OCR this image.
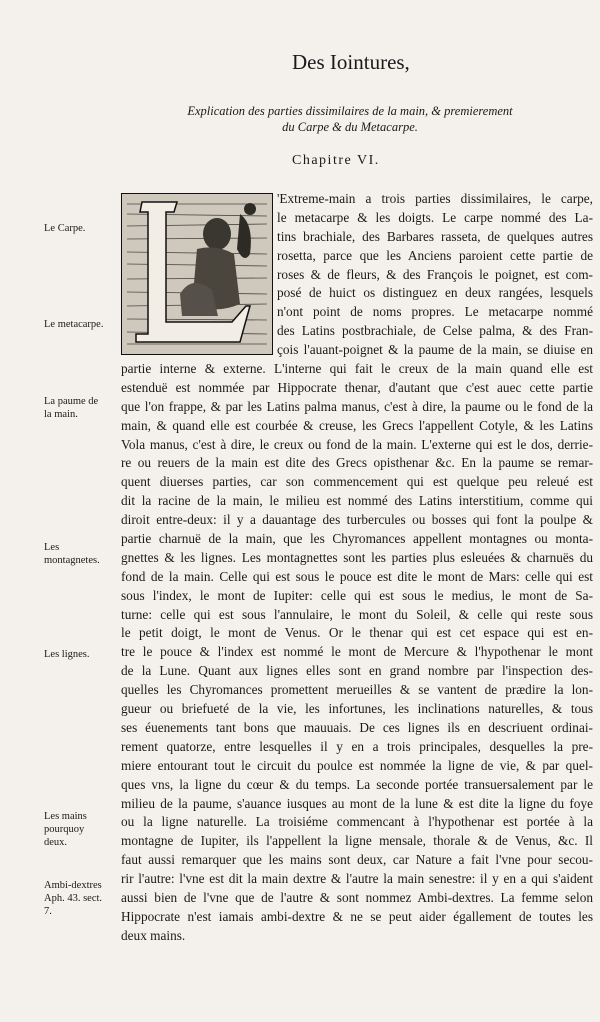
Des Iointures,
Explication des parties dissimilaires de la main, & premierement
du Carpe & du Metacarpe.
Chapitre VI.
Le Carpe.
Le metacarpe.
La paume de la main.
Les montagnetes.
Les lignes.
Les mains pourquoy deux.
Ambi-dextres Aph. 43. sect. 7.
'Extreme-main a trois parties dissimilaires, le carpe,
le metacarpe & les doigts. Le carpe nommé des La-
tins brachiale, des Barbares rasseta, de quelques autres
rosetta, parce que les Anciens paroient cette partie de
roses & de fleurs, & des François le poignet, est com-
posé de huict os distinguez en deux rangées, lesquels
n'ont point de noms propres. Le metacarpe nommé
des Latins postbrachiale, de Celse palma, & des Fran-
çois l'auant-poignet & la paume de la main, se diuise en
partie interne & externe. L'interne qui fait le creux de la main quand elle est
estenduë est nommée par Hippocrate thenar, d'autant que c'est auec cette partie
que l'on frappe, & par les Latins palma manus, c'est à dire, la paume ou le fond de la
main, & quand elle est courbée & creuse, les Grecs l'appellent Cotyle, & les Latins
Vola manus, c'est à dire, le creux ou fond de la main. L'externe qui est le dos, derrie-
re ou reuers de la main est dite des Grecs opisthenar &c. En la paume se remar-
quent diuerses parties, car son commencement qui est quelque peu releué est
dit la racine de la main, le milieu est nommé des Latins interstitium, comme qui
diroit entre-deux: il y a dauantage des turbercules ou bosses qui font la poulpe &
partie charnuë de la main, que les Chyromances appellent montagnes ou monta-
gnettes & les lignes. Les montagnettes sont les parties plus esleuées & charnuës du
fond de la main. Celle qui est sous le pouce est dite le mont de Mars: celle qui est
sous l'index, le mont de Iupiter: celle qui est sous le medius, le mont de Sa-
turne: celle qui est sous l'annulaire, le mont du Soleil, & celle qui reste sous
le petit doigt, le mont de Venus. Or le thenar qui est cet espace qui est en-
tre le pouce & l'index est nommé le mont de Mercure & l'hypothenar le mont
de la Lune. Quant aux lignes elles sont en grand nombre par l'inspection des-
quelles les Chyromances promettent merueilles & se vantent de prædire la lon-
gueur ou briefueté de la vie, les infortunes, les inclinations naturelles, & tous
ses éuenements tant bons que mauuais. De ces lignes ils en descriuent ordinai-
rement quatorze, entre lesquelles il y en a trois principales, desquelles la pre-
miere entourant tout le circuit du poulce est nommée la ligne de vie, & par quel-
ques vns, la ligne du cœur & du temps. La seconde portée transuersalement par le
milieu de la paume, s'auance iusques au mont de la lune & est dite la ligne du foye
ou la ligne naturelle. La troisiéme commencant à l'hypothenar est portée à la
montagne de Iupiter, ils l'appellent la ligne mensale, thorale & de Venus, &c. Il
faut aussi remarquer que les mains sont deux, car Nature a fait l'vne pour secou-
rir l'autre: l'vne est dit la main dextre & l'autre la main senestre: il y en a qui s'aident
aussi bien de l'vne que de l'autre & sont nommez Ambi-dextres. La femme selon
Hippocrate n'est iamais ambi-dextre & ne se peut aider égallement de toutes les
deux mains.
